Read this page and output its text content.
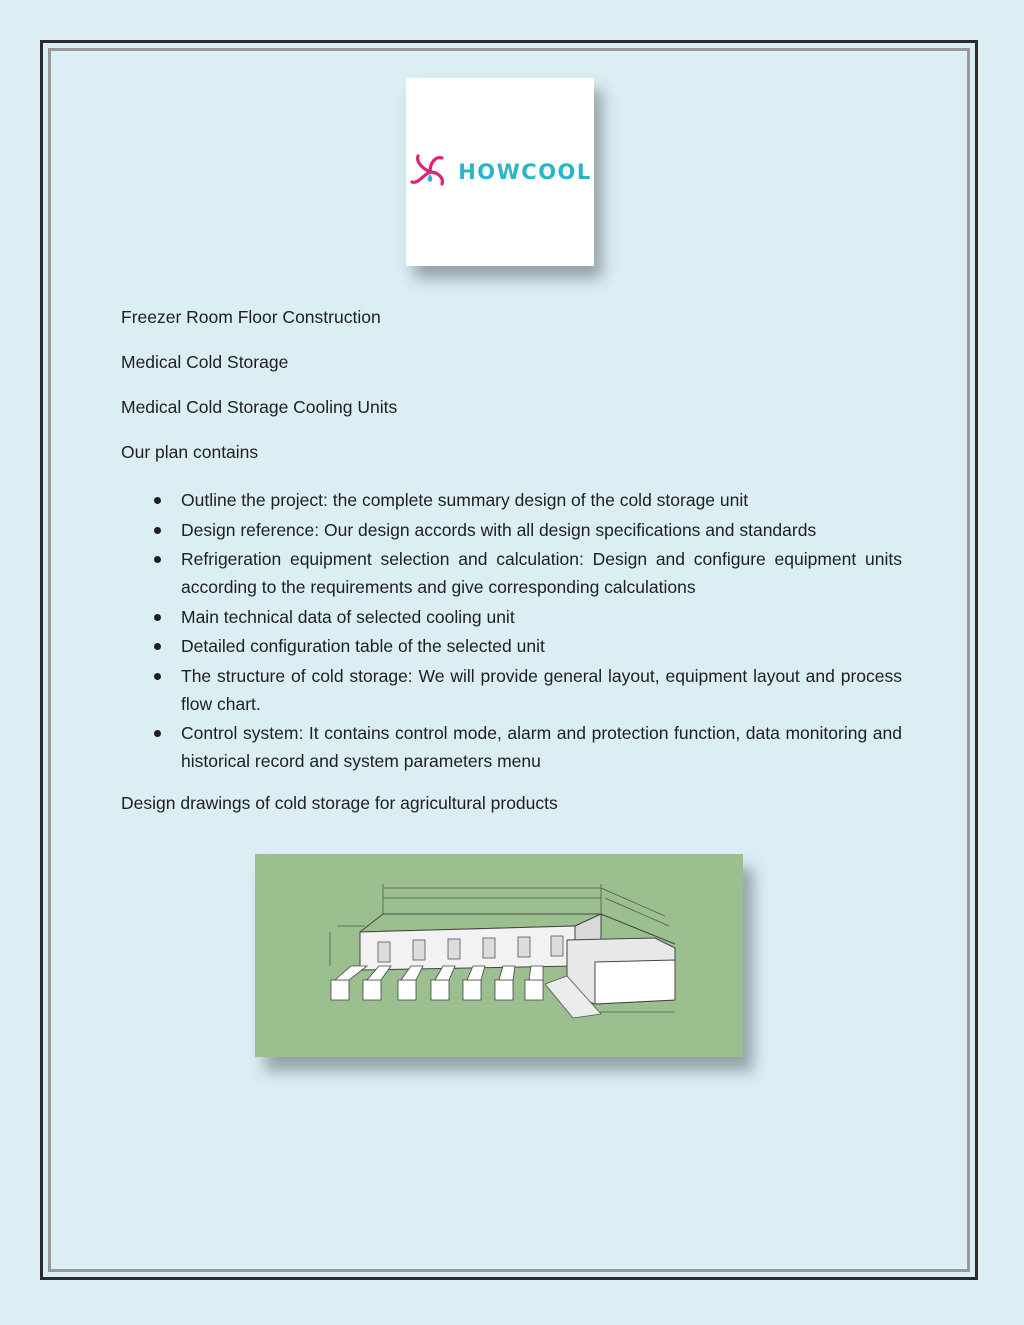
HOWCOOL
Freezer Room Floor Construction
Medical Cold Storage
Medical Cold Storage Cooling Units
Our plan contains
Outline the project: the complete summary design of the cold storage unit
Design reference: Our design accords with all design specifications and standards
Refrigeration equipment selection and calculation: Design and configure equipment units according to the requirements and give corresponding calculations
Main technical data of selected cooling unit
Detailed configuration table of the selected unit
The structure of cold storage: We will provide general layout, equipment layout and process flow chart.
Control system: It contains control mode, alarm and protection function, data monitoring and historical record and system parameters menu
Design drawings of cold storage for agricultural products
